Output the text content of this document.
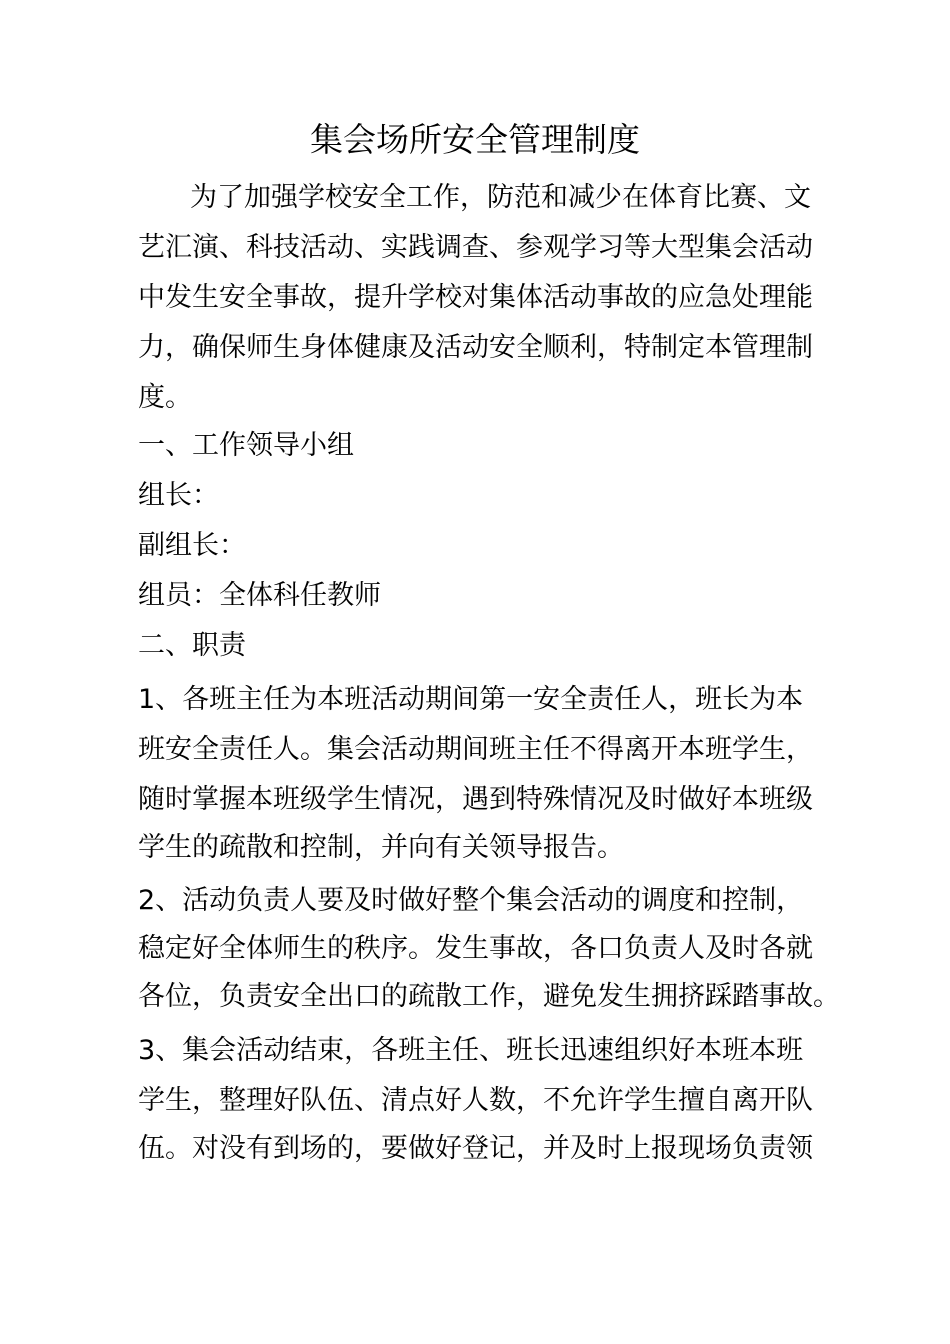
集会场所安全管理制度
为了加强学校安全工作，防范和减少在体育比赛、文
艺汇演、科技活动、实践调查、参观学习等大型集会活动
中发生安全事故，提升学校对集体活动事故的应急处理能
力，确保师生身体健康及活动安全顺利，特制定本管理制
度。
一、工作领导小组
组长：
副组长：
组员：全体科任教师
二、职责
1、各班主任为本班活动期间第一安全责任人，班长为本
班安全责任人。集会活动期间班主任不得离开本班学生，
随时掌握本班级学生情况，遇到特殊情况及时做好本班级
学生的疏散和控制，并向有关领导报告。
2、活动负责人要及时做好整个集会活动的调度和控制，
稳定好全体师生的秩序。发生事故，各口负责人及时各就
各位，负责安全出口的疏散工作，避免发生拥挤踩踏事故。
3、集会活动结束，各班主任、班长迅速组织好本班本班
学生，整理好队伍、清点好人数，不允许学生擅自离开队
伍。对没有到场的，要做好登记，并及时上报现场负责领
